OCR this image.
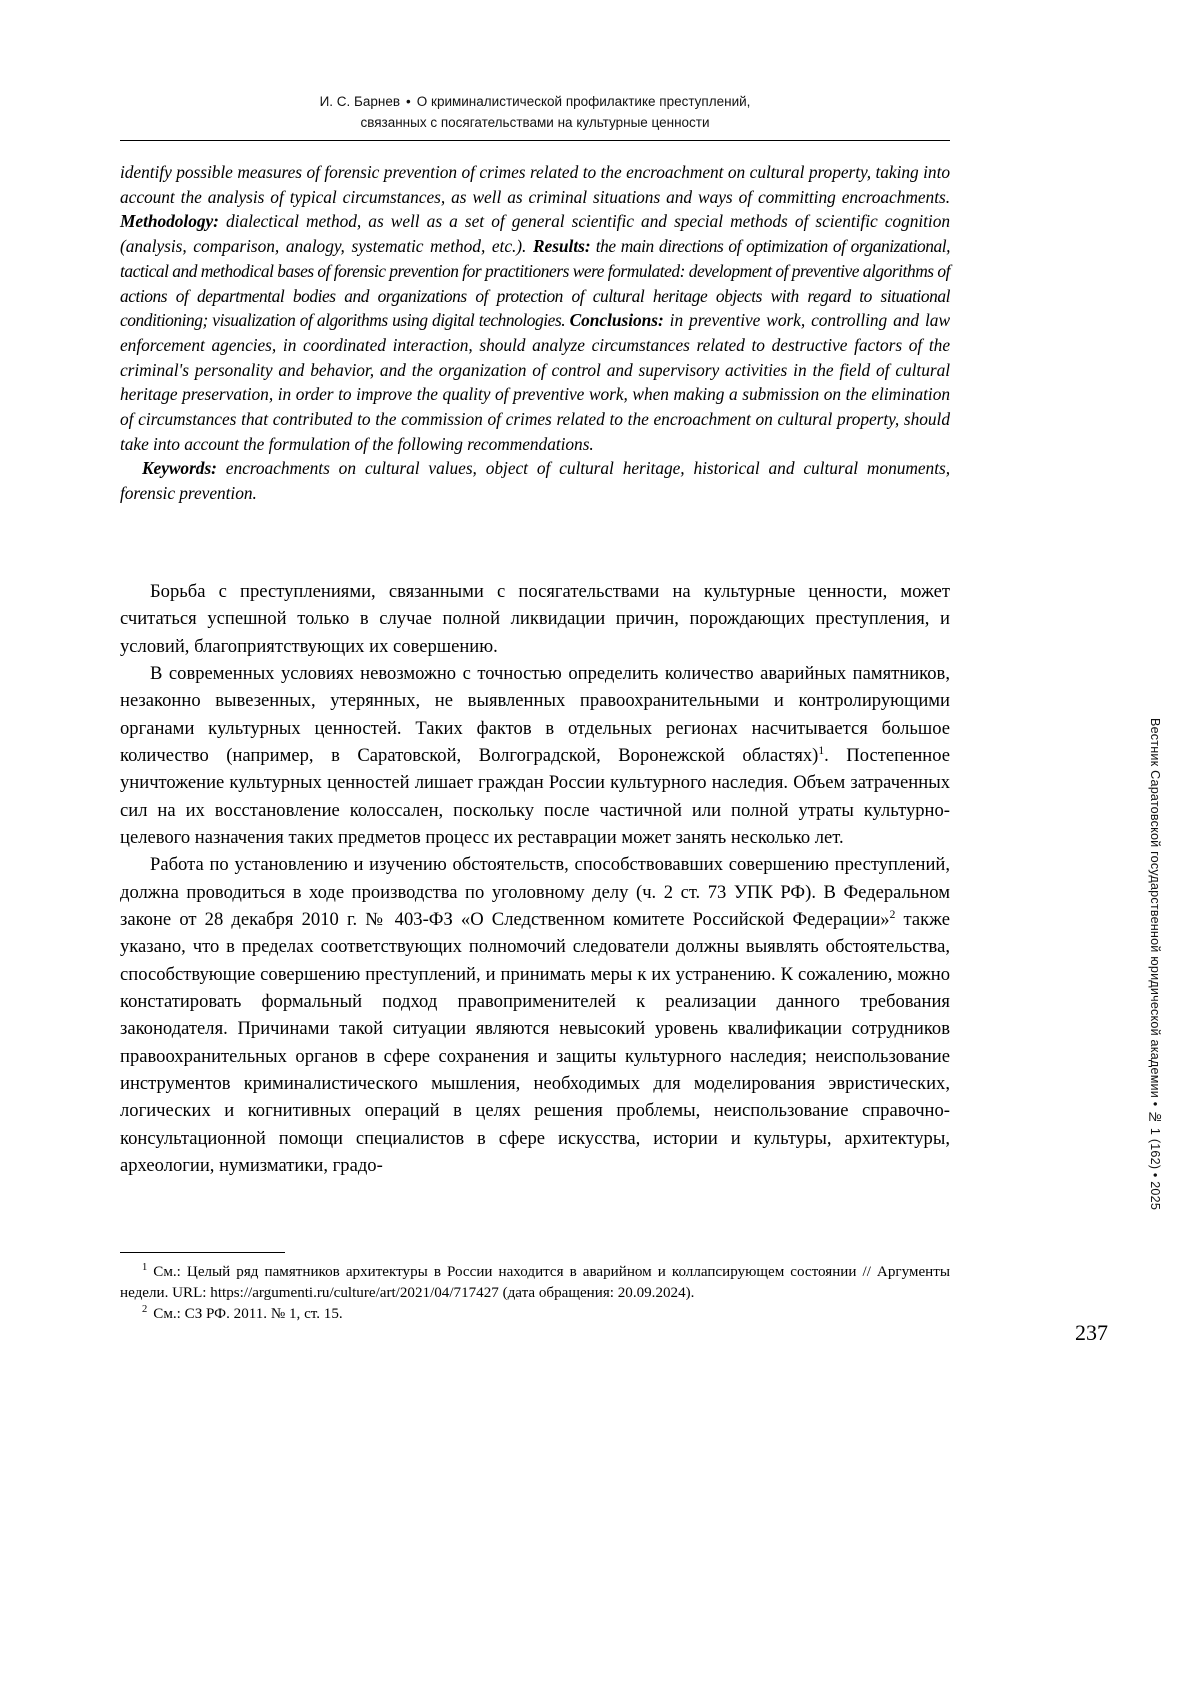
И. С. Барнев • О криминалистической профилактике преступлений,
связанных с посягательствами на культурные ценности

identify possible measures of forensic prevention of crimes related to the encroachment on cultural property, taking into account the analysis of typical circumstances, as well as criminal situations and ways of committing encroachments. Methodology: dialectical method, as well as a set of general scientific and special methods of scientific cognition (analysis, comparison, analogy, systematic method, etc.). Results: the main directions of optimization of organizational, tactical and methodical bases of forensic prevention for practitioners were formulated: development of preventive algorithms of actions of departmental bodies and organizations of protection of cultural heritage objects with regard to situational conditioning; visualization of algorithms using digital technologies. Conclusions: in preventive work, controlling and law enforcement agencies, in coordinated interaction, should analyze circumstances related to destructive factors of the criminal's personality and behavior, and the organization of control and supervisory activities in the field of cultural heritage preservation, in order to improve the quality of preventive work, when making a submission on the elimination of circumstances that contributed to the commission of crimes related to the encroachment on cultural property, should take into account the formulation of the following recommendations.

Keywords: encroachments on cultural values, object of cultural heritage, historical and cultural monuments, forensic prevention.

Борьба с преступлениями, связанными с посягательствами на культурные ценности, может считаться успешной только в случае полной ликвидации причин, порождающих преступления, и условий, благоприятствующих их совершению.

В современных условиях невозможно с точностью определить количество аварийных памятников, незаконно вывезенных, утерянных, не выявленных правоохранительными и контролирующими органами культурных ценностей. Таких фактов в отдельных регионах насчитывается большое количество (например, в Саратовской, Волгоградской, Воронежской областях)$^1$. Постепенное уничтожение культурных ценностей лишает граждан России культурного наследия. Объем затраченных сил на их восстановление колоссален, поскольку после частичной или полной утраты культурно-целевого назначения таких предметов процесс их реставрации может занять несколько лет.

Работа по установлению и изучению обстоятельств, способствовавших совершению преступлений, должна проводиться в ходе производства по уголовному делу (ч. 2 ст. 73 УПК РФ). В Федеральном законе от 28 декабря 2010 г. № 403-ФЗ «О Следственном комитете Российской Федерации»$^2$ также указано, что в пределах соответствующих полномочий следователи должны выявлять обстоятельства, способствующие совершению преступлений, и принимать меры к их устранению. К сожалению, можно констатировать формальный подход правоприменителей к реализации данного требования законодателя. Причинами такой ситуации являются невысокий уровень квалификации сотрудников правоохранительных органов в сфере сохранения и защиты культурного наследия; неиспользование инструментов криминалистического мышления, необходимых для моделирования эвристических, логических и когнитивных операций в целях решения проблемы, неиспользование справочно-консультационной помощи специалистов в сфере искусства, истории и культуры, архитектуры, археологии, нумизматики, градо-

$^1$ См.: Целый ряд памятников архитектуры в России находится в аварийном и коллапсирующем состоянии // Аргументы недели. URL: https://argumenti.ru/culture/art/2021/04/717427 (дата обращения: 20.09.2024).

$^2$ См.: СЗ РФ. 2011. № 1, ст. 15.

237
Вестник Саратовской государственной юридической академии • № 1 (162) • 2025
